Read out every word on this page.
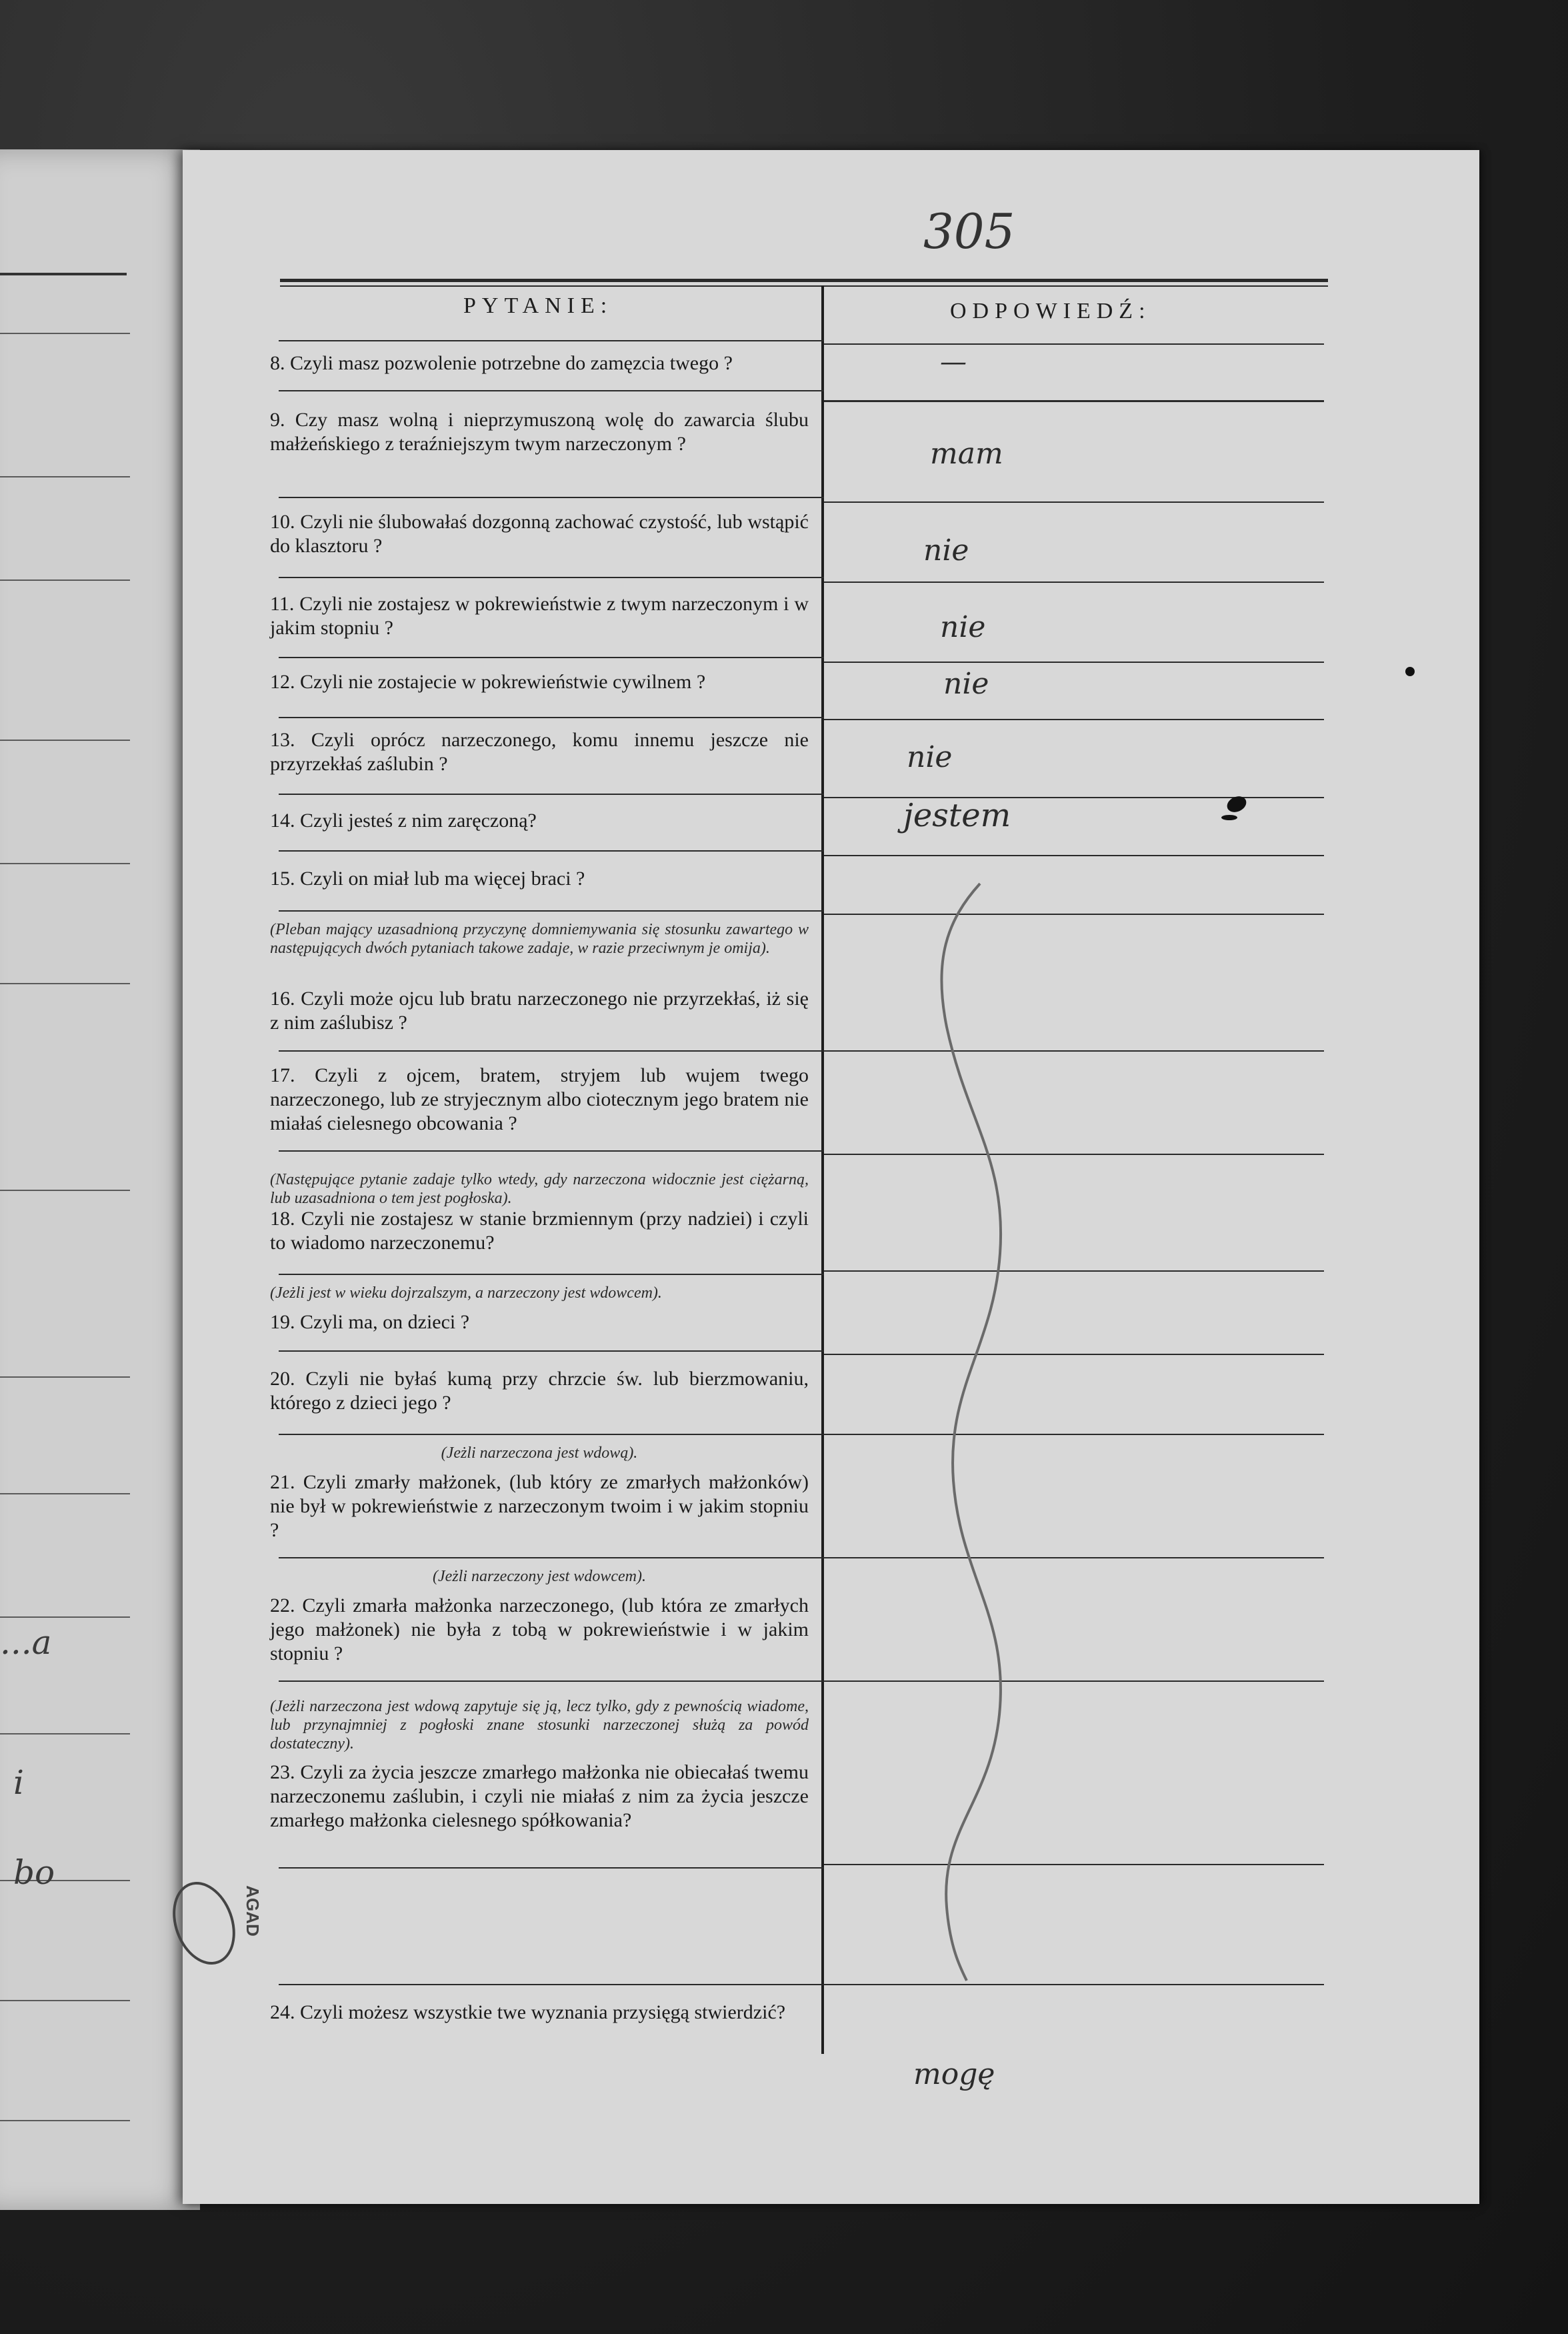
...a
i
bo
305
PYTANIE:	ODPOWIEDŹ:
8. Czyli masz pozwolenie potrzebne do zamęzcia twego ?
9. Czy masz wolną i nieprzymuszoną wolę do zawarcia ślubu małżeńskiego z teraźniejszym twym narzeczonym ?
10. Czyli nie ślubowałaś dozgonną zachować czystość, lub wstąpić do klasztoru ?
11. Czyli nie zostajesz w pokrewieństwie z twym narzeczonym i w jakim stopniu ?
12. Czyli nie zostajecie w pokrewieństwie cywilnem ?
13. Czyli oprócz narzeczonego, komu innemu jeszcze nie przyrzekłaś zaślubin ?
14. Czyli jesteś z nim zaręczoną?
15. Czyli on miał lub ma więcej braci ?
(Pleban mający uzasadnioną przyczynę domniemywania się stosunku zawartego w następujących dwóch pytaniach takowe zadaje, w razie przeciwnym je omija).
16. Czyli może ojcu lub bratu narzeczonego nie przyrzekłaś, iż się z nim zaślubisz ?
17. Czyli z ojcem, bratem, stryjem lub wujem twego narzeczonego, lub ze stryjecznym albo ciotecznym jego bratem nie miałaś cielesnego obcowania ?
(Następujące pytanie zadaje tylko wtedy, gdy narzeczona widocznie jest ciężarną, lub uzasadniona o tem jest pogłoska).
18. Czyli nie zostajesz w stanie brzmiennym (przy nadziei) i czyli to wiadomo narzeczonemu?
(Jeżli jest w wieku dojrzalszym, a narzeczony jest wdowcem).
19. Czyli ma, on dzieci ?
20. Czyli nie byłaś kumą przy chrzcie św. lub bierzmowaniu, którego z dzieci jego ?
(Jeżli narzeczona jest wdową).
21. Czyli zmarły małżonek, (lub który ze zmarłych małżonków) nie był w pokrewieństwie z narzeczonym twoim i w jakim stopniu ?
(Jeżli narzeczony jest wdowcem).
22. Czyli zmarła małżonka narzeczonego, (lub która ze zmarłych jego małżonek) nie była z tobą w pokrewieństwie i w jakim stopniu ?
(Jeżli narzeczona jest wdową zapytuje się ją, lecz tylko, gdy z pewnością wiadome, lub przynajmniej z pogłoski znane stosunki narzeczonej służą za powód dostateczny).
23. Czyli za życia jeszcze zmarłego małżonka nie obiecałaś twemu narzeczonemu zaślubin, i czyli nie miałaś z nim za życia jeszcze zmarłego małżonka cielesnego spółkowania?
24. Czyli możesz wszystkie twe wyznania przysięgą stwierdzić?
—
mam
nie
nie
nie
nie
jestem
mogę
AGAD
